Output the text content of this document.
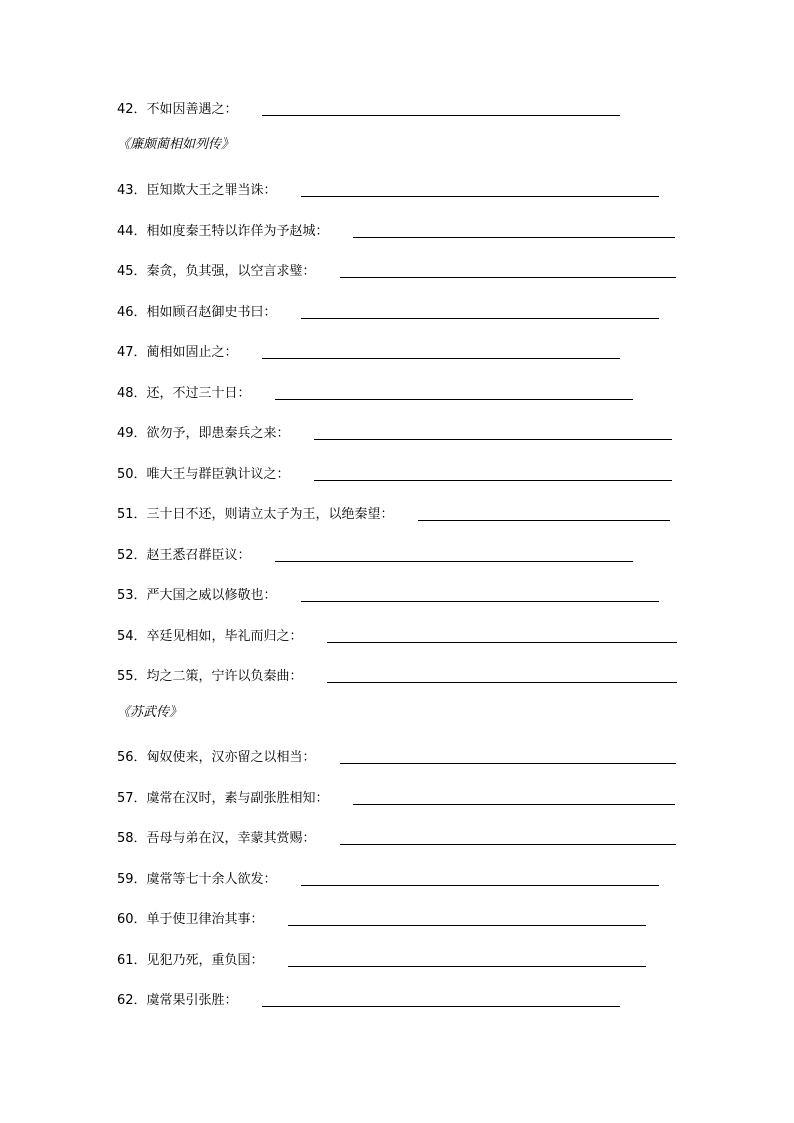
42． 不如因善遇之：
《廉颇蔺相如列传》
43． 臣知欺大王之罪当诛：
44． 相如度秦王特以诈佯为予赵城：
45． 秦贪，负其强，以空言求璧：
46． 相如顾召赵御史书曰：
47． 蔺相如固止之：
48． 还，不过三十日：
49． 欲勿予，即患秦兵之来：
50． 唯大王与群臣孰计议之：
51． 三十日不还，则请立太子为王，以绝秦望：
52． 赵王悉召群臣议：
53． 严大国之威以修敬也：
54． 卒廷见相如，毕礼而归之：
55． 均之二策，宁许以负秦曲：
《苏武传》
56． 匈奴使来，汉亦留之以相当：
57． 虞常在汉时，素与副张胜相知：
58． 吾母与弟在汉，幸蒙其赏赐：
59． 虞常等七十余人欲发：
60． 单于使卫律治其事：
61． 见犯乃死，重负国：
62． 虞常果引张胜：
